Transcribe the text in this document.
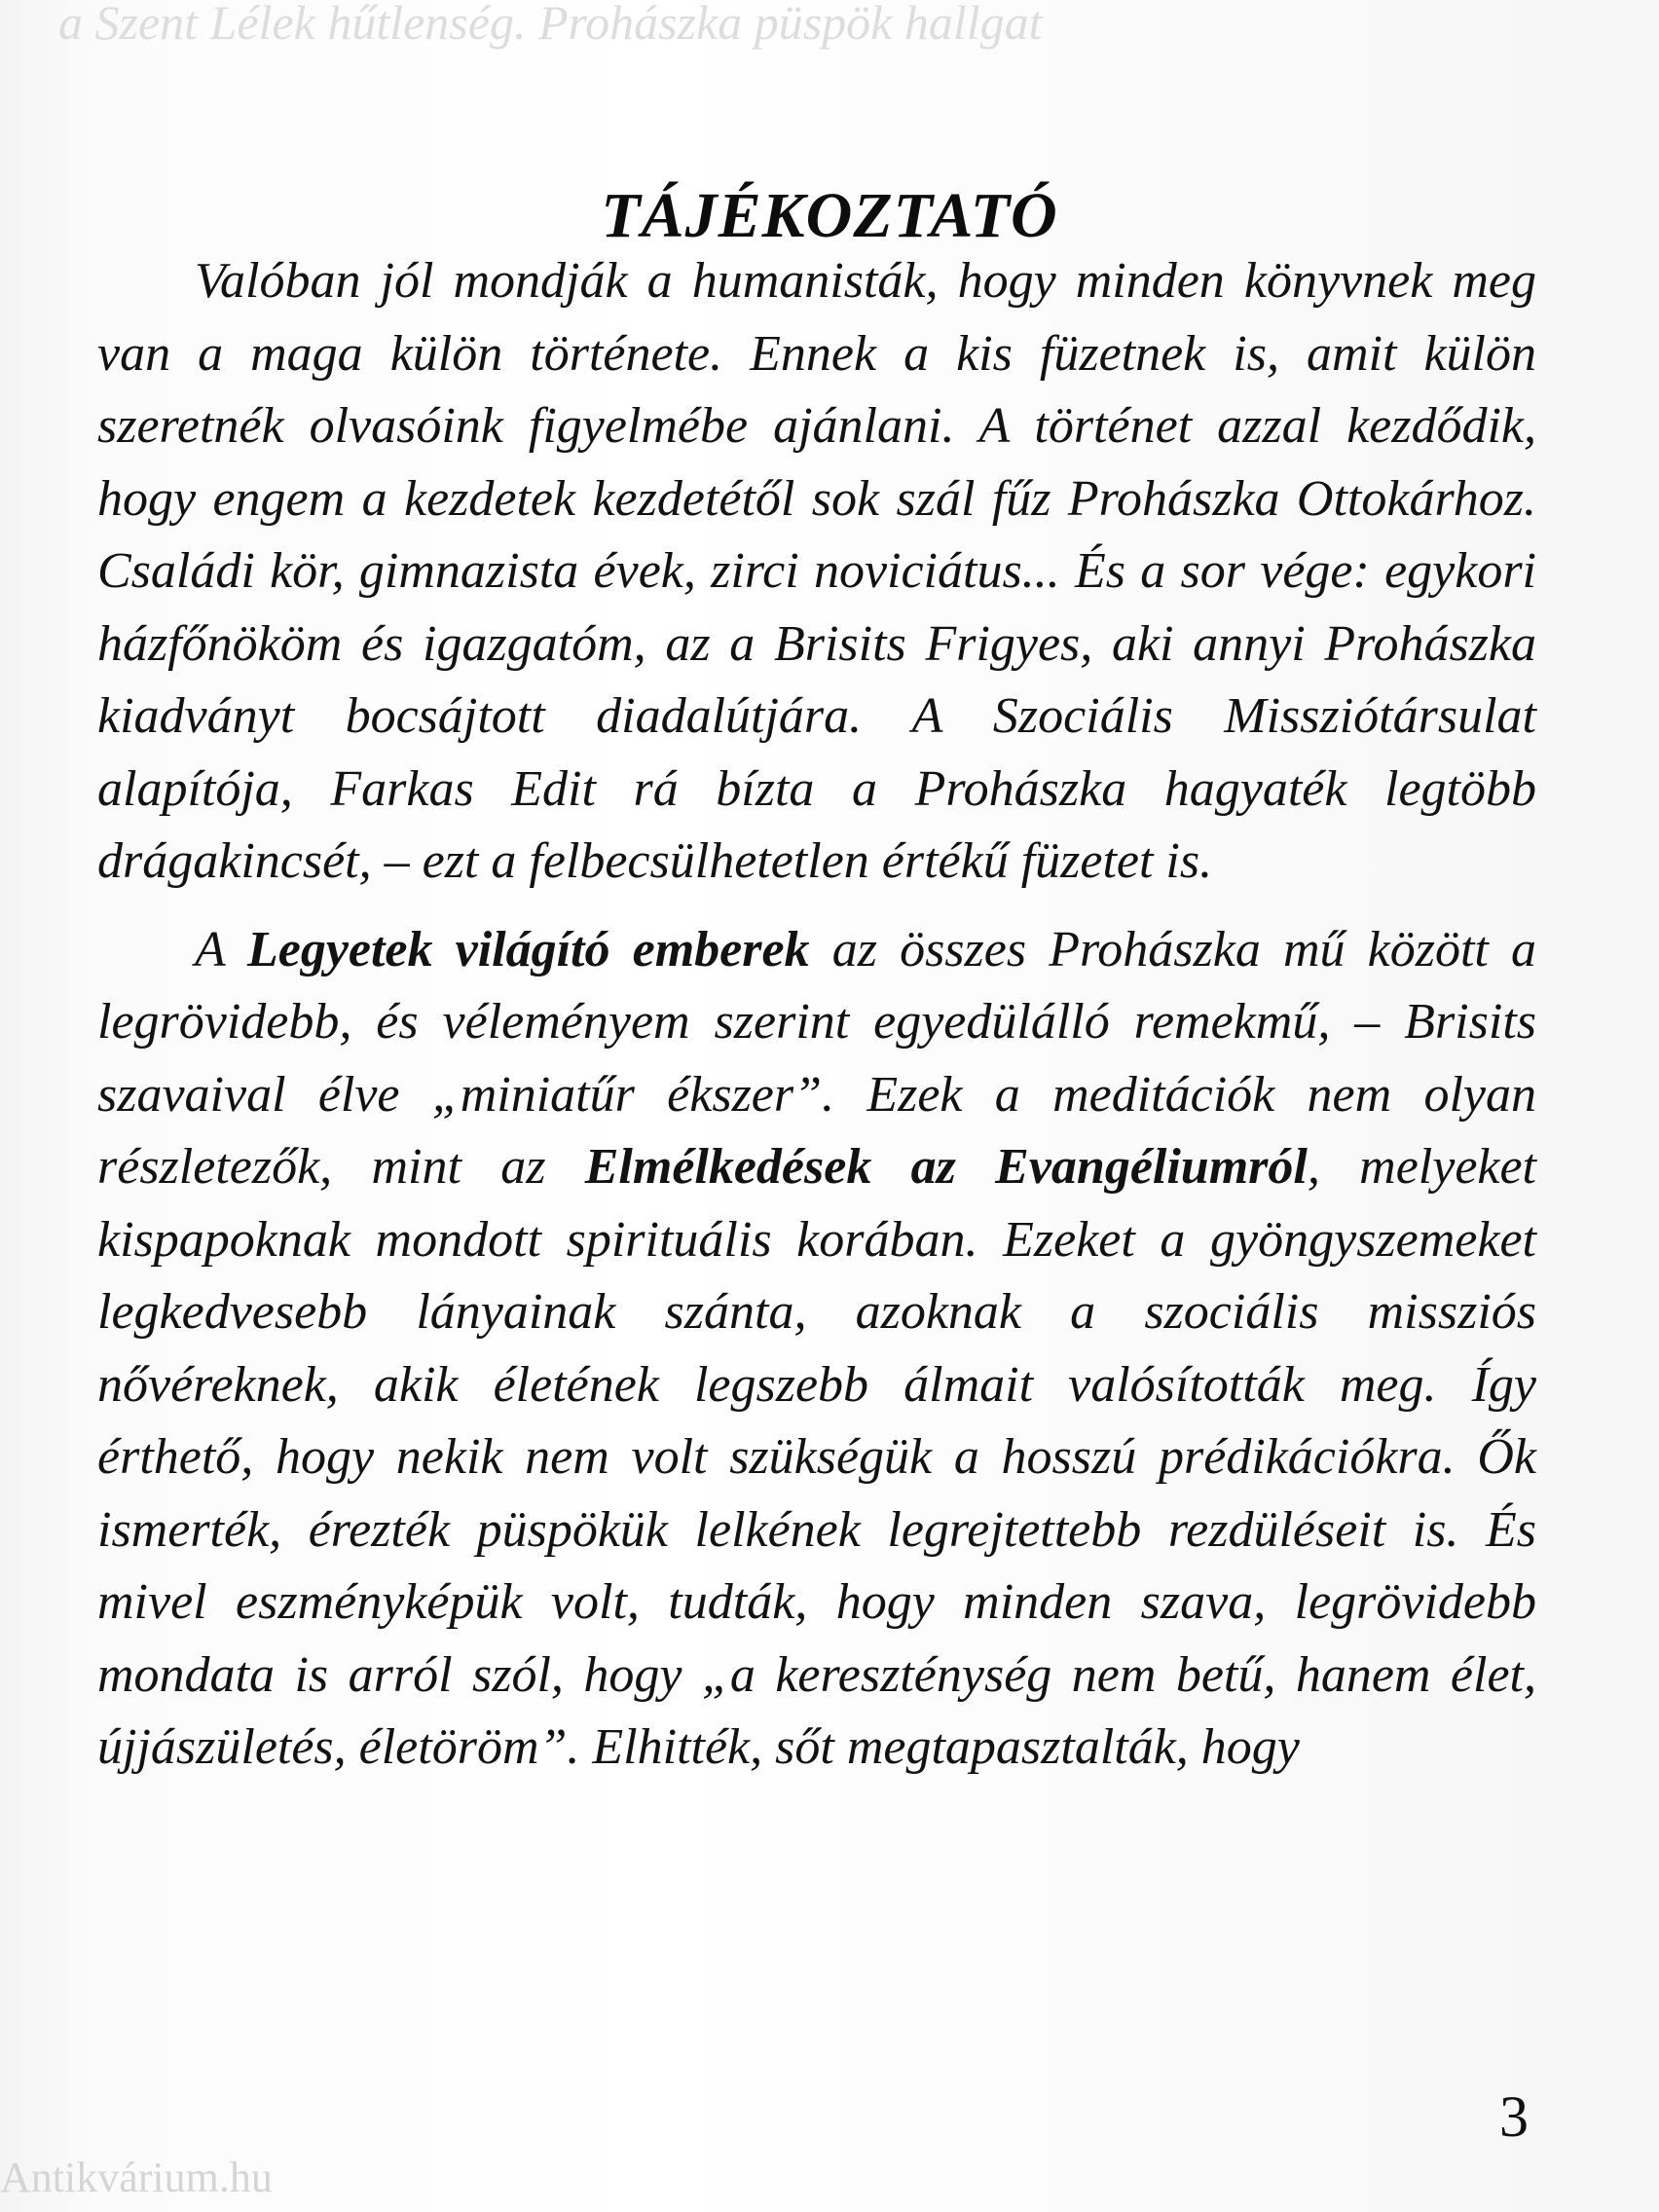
a Szent Lélek hűtlenség. Prohászka püspök hallgat
TÁJÉKOZTATÓ

Valóban jól mondják a humanisták, hogy minden könyvnek meg van a maga külön története. Ennek a kis füzetnek is, amit külön szeretnék olvasóink figyelmébe ajánlani. A történet azzal kezdődik, hogy engem a kezdetek kezdetétől sok szál fűz Prohászka Ottokárhoz. Családi kör, gimnazista évek, zirci noviciátus... És a sor vége: egykori házfőnököm és igazgatóm, az a Brisits Frigyes, aki annyi Prohászka kiadványt bocsájtott diadalútjára. A Szociális Missziótársulat alapítója, Farkas Edit rá bízta a Prohászka hagyaték legtöbb drágakincsét, – ezt a felbecsülhetetlen értékű füzetet is.

A Legyetek világító emberek az összes Prohászka mű között a legrövidebb, és véleményem szerint egyedülálló remekmű, – Brisits szavaival élve „miniatűr ékszer”. Ezek a meditációk nem olyan részletezők, mint az Elmélkedések az Evangéliumról, melyeket kispapoknak mondott spirituális korában. Ezeket a gyöngyszemeket legkedvesebb lányainak szánta, azoknak a szociális missziós nővéreknek, akik életének legszebb álmait valósították meg. Így érthető, hogy nekik nem volt szükségük a hosszú prédikációkra. Ők ismerték, érezték püspökük lelkének legrejtettebb rezdüléseit is. És mivel eszményképük volt, tudták, hogy minden szava, legrövidebb mondata is arról szól, hogy „a kereszténység nem betű, hanem élet, újjászületés, életöröm”. Elhitték, sőt megtapasztalták, hogy

3
Antikvárium.hu
